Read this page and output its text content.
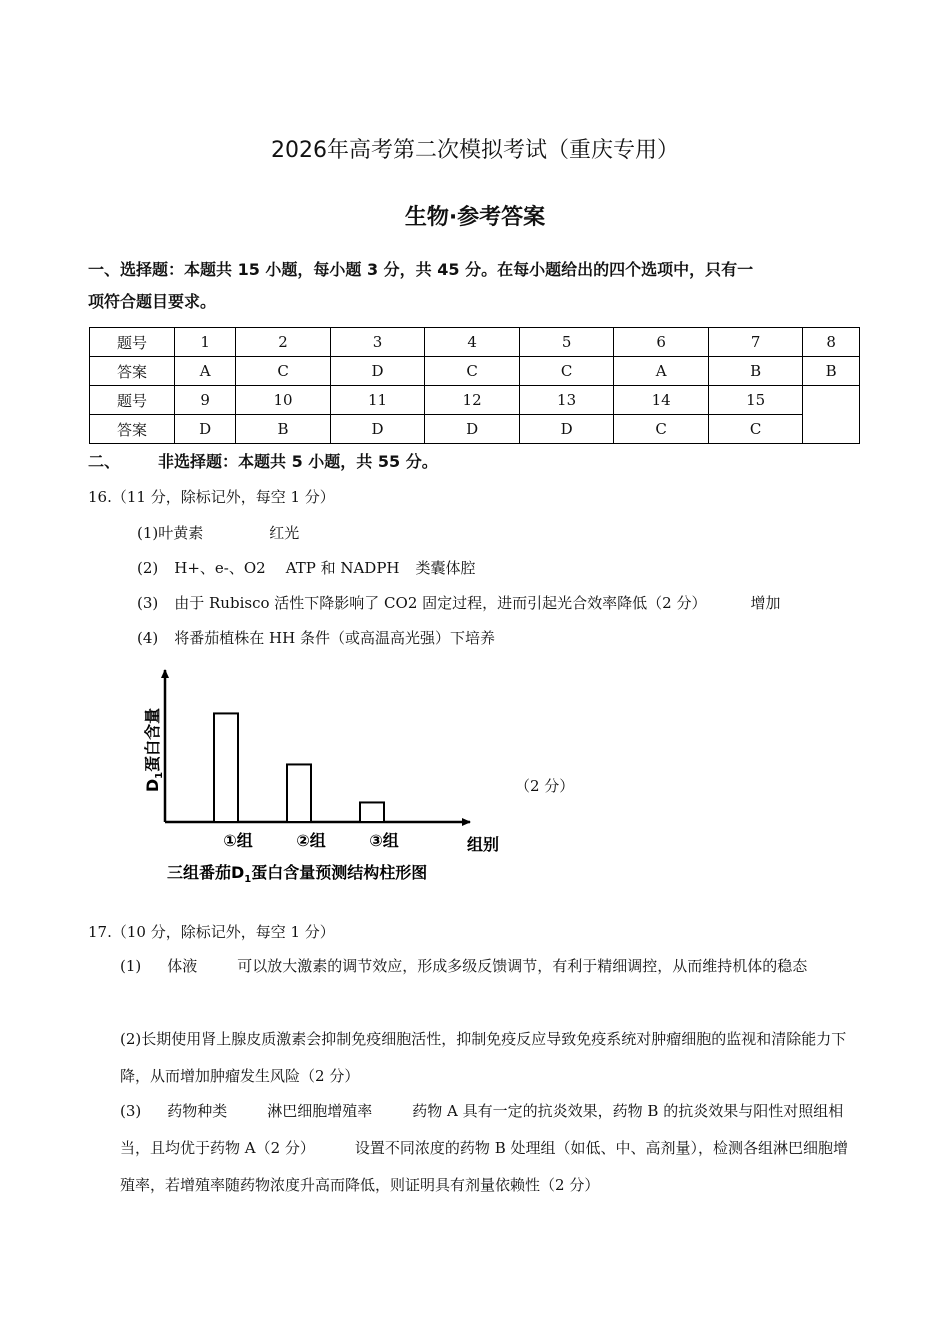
2026年高考第二次模拟考试（重庆专用）
生物·参考答案
一、选择题：本题共 15 小题，每小题 3 分，共 45 分。在每小题给出的四个选项中，只有一
项符合题目要求。
题号	1	2	3	4	5	6	7	8
答案	A	C	D	C	C	A	B	B
题号	9	10	11	12	13	14	15	
答案	D	B	D	D	D	C	C	
二、 非选择题：本题共 5 小题，共 55 分。
16.（11 分，除标记外，每空 1 分）
(1)叶黄素	红光
(2) H+、e-、O2 ATP 和 NADPH 类囊体腔
(3) 由于 Rubisco 活性下降影响了 CO2 固定过程，进而引起光合效率降低（2 分）	增加
(4) 将番茄植株在 HH 条件（或高温高光强）下培养
①组	②组	③组
$D_1$蛋白含量
组别
三组番茄$D_1$蛋白含量预测结构柱形图
（2 分）
17.（10 分，除标记外，每空 1 分）
(1) 体液	可以放大激素的调节效应，形成多级反馈调节，有利于精细调控，从而维持机体的稳态
(2)长期使用肾上腺皮质激素会抑制免疫细胞活性，抑制免疫反应导致免疫系统对肿瘤细胞的监视和清除能力下降，从而增加肿瘤发生风险（2 分）
(3) 药物种类	淋巴细胞增殖率	药物 A 具有一定的抗炎效果，药物 B 的抗炎效果与阳性对照组相当，且均优于药物 A（2 分）	设置不同浓度的药物 B 处理组（如低、中、高剂量），检测各组淋巴细胞增殖率，若增殖率随药物浓度升高而降低，则证明具有剂量依赖性（2 分）
